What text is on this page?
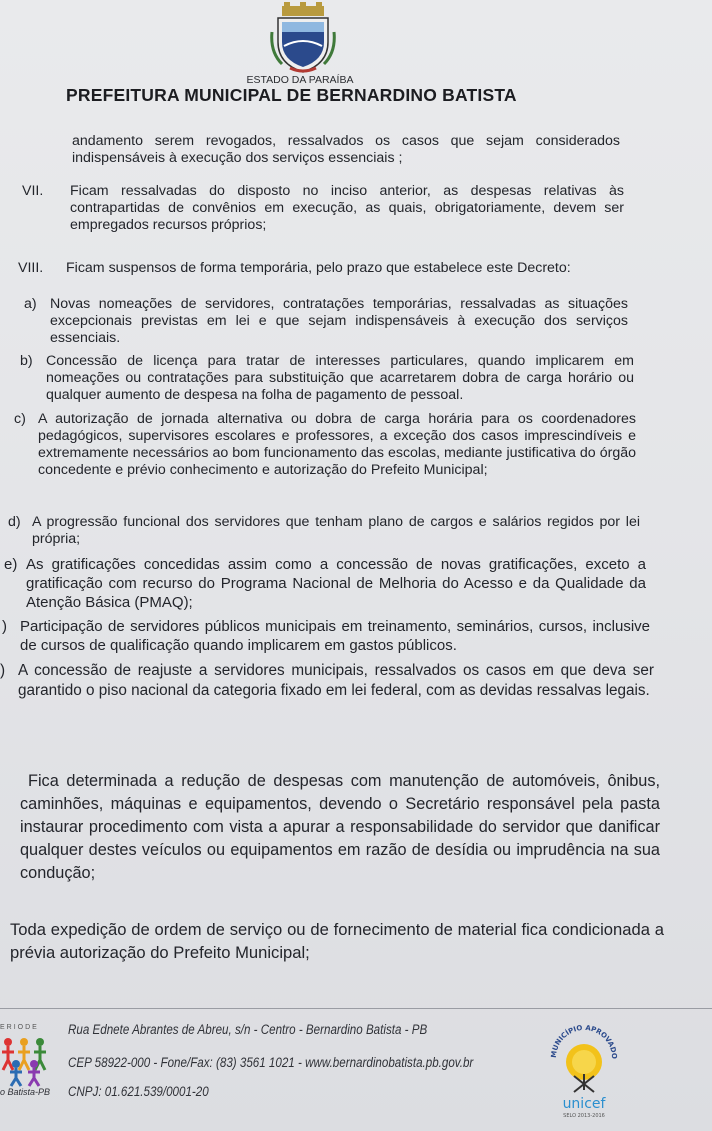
ESTADO DA PARAÍBA
PREFEITURA MUNICIPAL DE BERNARDINO BATISTA
andamento serem revogados, ressalvados os casos que sejam considerados indispensáveis à execução dos serviços essenciais ;
VII. Ficam ressalvadas do disposto no inciso anterior, as despesas relativas às contrapartidas de convênios em execução, as quais, obrigatoriamente, devem ser empregados recursos próprios;
VIII. Ficam suspensos de forma temporária, pelo prazo que estabelece este Decreto:
a) Novas nomeações de servidores, contratações temporárias, ressalvadas as situações excepcionais previstas em lei e que sejam indispensáveis à execução dos serviços essenciais.
b) Concessão de licença para tratar de interesses particulares, quando implicarem em nomeações ou contratações para substituição que acarretarem dobra de carga horário ou qualquer aumento de despesa na folha de pagamento de pessoal.
c) A autorização de jornada alternativa ou dobra de carga horária para os coordenadores pedagógicos, supervisores escolares e professores, a exceção dos casos imprescindíveis e extremamente necessários ao bom funcionamento das escolas, mediante justificativa do órgão concedente e prévio conhecimento e autorização do Prefeito Municipal;
d) A progressão funcional dos servidores que tenham plano de cargos e salários regidos por lei própria;
e) As gratificações concedidas assim como a concessão de novas gratificações, exceto a gratificação com recurso do Programa Nacional de Melhoria do Acesso e da Qualidade da Atenção Básica (PMAQ);
) Participação de servidores públicos municipais em treinamento, seminários, cursos, inclusive de cursos de qualificação quando implicarem em gastos públicos.
) A concessão de reajuste a servidores municipais, ressalvados os casos em que deva ser garantido o piso nacional da categoria fixado em lei federal, com as devidas ressalvas legais.
Fica determinada a redução de despesas com manutenção de automóveis, ônibus, caminhões, máquinas e equipamentos, devendo o Secretário responsável pela pasta instaurar procedimento com vista a apurar a responsabilidade do servidor que danificar qualquer destes veículos ou equipamentos em razão de desídia ou imprudência na sua condução;
Toda expedição de ordem de serviço ou de fornecimento de material fica condicionada a prévia autorização do Prefeito Municipal;
ERIODE
o Batista-PB
Rua Ednete Abrantes de Abreu, s/n - Centro - Bernardino Batista - PB
CEP 58922-000 - Fone/Fax: (83) 3561 1021 - www.bernardinobatista.pb.gov.br
CNPJ: 01.621.539/0001-20
MUNICÍPIO APROVADO
unicef
SELO 2013-2016
